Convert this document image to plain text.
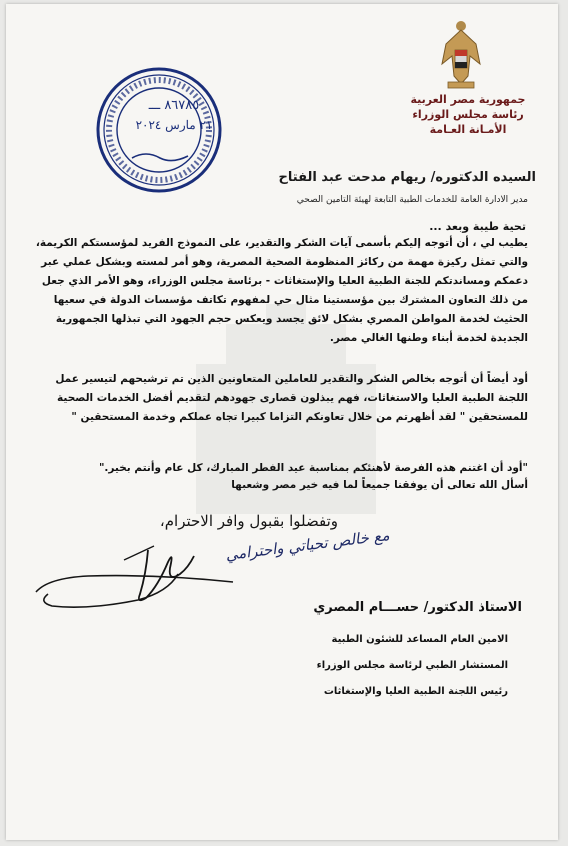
جمهورية مصر العربية
رئاسة مجلس الوزراء
الأمـانة العـامة
٨٦٧٨٥ ـــ
٢١ مارس ٢٠٢٤
السيده الدكتوره/ ريهام مدحت عبد الفتاح
مدير الادارة العامة للخدمات الطبية التابعة لهيئة التامين الصحي
تحية طيبة وبعد ...
يطيب لي ، أن أتوجه إليكم بأسمى آيات الشكر والتقدير، على النموذج الفريد لمؤسستكم الكريمة، والتي تمثل ركيزة مهمة من ركائز المنظومة الصحية المصرية، وهو أمر لمسته وبشكل عملي عبر دعمكم ومساندتكم للجنة الطبية العليا والإستغاثات - برئاسة مجلس الوزراء، وهو الأمر الذي جعل من ذلك التعاون المشترك بين مؤسستينا مثال حي لمفهوم تكاتف مؤسسات الدولة في سعيها الحثيث لخدمة المواطن المصري بشكل لائق يجسد ويعكس حجم الجهود التي تبذلها الجمهورية الجديدة لخدمة أبناء وطنها الغالي مصر.
أود أيضاً أن أتوجه بخالص الشكر والتقدير للعاملين المتعاونين الذين تم ترشيحهم لتيسير عمل اللجنة الطبية العليا والاستغاثات، فهم يبذلون قصارى جهودهم لتقديم أفضل الخدمات الصحية للمستحقين " لقد أظهرتم من خلال تعاونكم التزاما كبيرا تجاه عملكم وخدمة المستحقين "
"أود أن اغتنم هذه الفرصة لأهنئكم بمناسبة عيد الفطر المبارك، كل عام وأنتم بخير."
أسأل الله تعالى أن يوفقنا جميعاً لما فيه خير مصر وشعبها
وتفضلوا بقبول وافر الاحترام،
مع خالص تحياتي واحترامي
الاستاذ الدكتور/ حســـام المصري
الامين العام المساعد للشئون الطبية
المستشار الطبي لرئاسة مجلس الوزراء
رئيس اللجنة الطبية العليا والإستغاثات
